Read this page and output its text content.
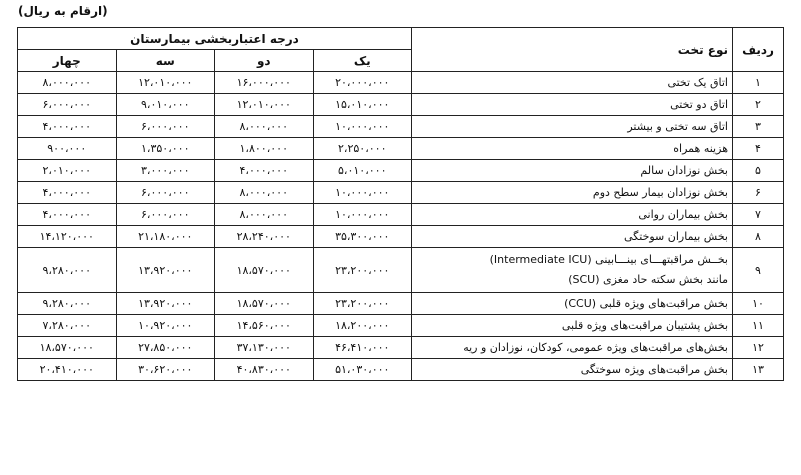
(ارقام به ریال)
ردیف	نوع تخت	درجه اعتباربخشی بیمارستان			
		یک	دو	سه	چهار
۱	اتاق یک تختی	۲۰،۰۰۰،۰۰۰	۱۶،۰۰۰،۰۰۰	۱۲،۰۱۰،۰۰۰	۸،۰۰۰،۰۰۰
۲	اتاق دو تختی	۱۵،۰۱۰،۰۰۰	۱۲،۰۱۰،۰۰۰	۹،۰۱۰،۰۰۰	۶،۰۰۰،۰۰۰
۳	اتاق سه تختی و بیشتر	۱۰،۰۰۰،۰۰۰	۸،۰۰۰،۰۰۰	۶،۰۰۰،۰۰۰	۴،۰۰۰،۰۰۰
۴	هزینه همراه	۲،۲۵۰،۰۰۰	۱،۸۰۰،۰۰۰	۱،۳۵۰،۰۰۰	۹۰۰،۰۰۰
۵	بخش نوزادان سالم	۵،۰۱۰،۰۰۰	۴،۰۰۰،۰۰۰	۳،۰۰۰،۰۰۰	۲،۰۱۰،۰۰۰
۶	بخش نوزادان بیمار سطح دوم	۱۰،۰۰۰،۰۰۰	۸،۰۰۰،۰۰۰	۶،۰۰۰،۰۰۰	۴،۰۰۰،۰۰۰
۷	بخش بیماران روانی	۱۰،۰۰۰،۰۰۰	۸،۰۰۰،۰۰۰	۶،۰۰۰،۰۰۰	۴،۰۰۰،۰۰۰
۸	بخش بیماران سوختگی	۳۵،۳۰۰،۰۰۰	۲۸،۲۴۰،۰۰۰	۲۱،۱۸۰،۰۰۰	۱۴،۱۲۰،۰۰۰
۹	بخــش مراقبتهـــای بینـــابینی (Intermediate ICU)
مانند بخش سکته حاد مغزی (SCU)	۲۳،۲۰۰،۰۰۰	۱۸،۵۷۰،۰۰۰	۱۳،۹۲۰،۰۰۰	۹،۲۸۰،۰۰۰
۱۰	بخش مراقبت‌های ویژه قلبی (CCU)	۲۳،۲۰۰،۰۰۰	۱۸،۵۷۰،۰۰۰	۱۳،۹۲۰،۰۰۰	۹،۲۸۰،۰۰۰
۱۱	بخش پشتیبان مراقبت‌های ویژه قلبی	۱۸،۲۰۰،۰۰۰	۱۴،۵۶۰،۰۰۰	۱۰،۹۲۰،۰۰۰	۷،۲۸۰،۰۰۰
۱۲	بخش‌های مراقبت‌های ویژه عمومی، کودکان، نوزادان و ریه	۴۶،۴۱۰،۰۰۰	۳۷،۱۳۰،۰۰۰	۲۷،۸۵۰،۰۰۰	۱۸،۵۷۰،۰۰۰
۱۳	بخش مراقبت‌های ویژه سوختگی	۵۱،۰۳۰،۰۰۰	۴۰،۸۳۰،۰۰۰	۳۰،۶۲۰،۰۰۰	۲۰،۴۱۰،۰۰۰
